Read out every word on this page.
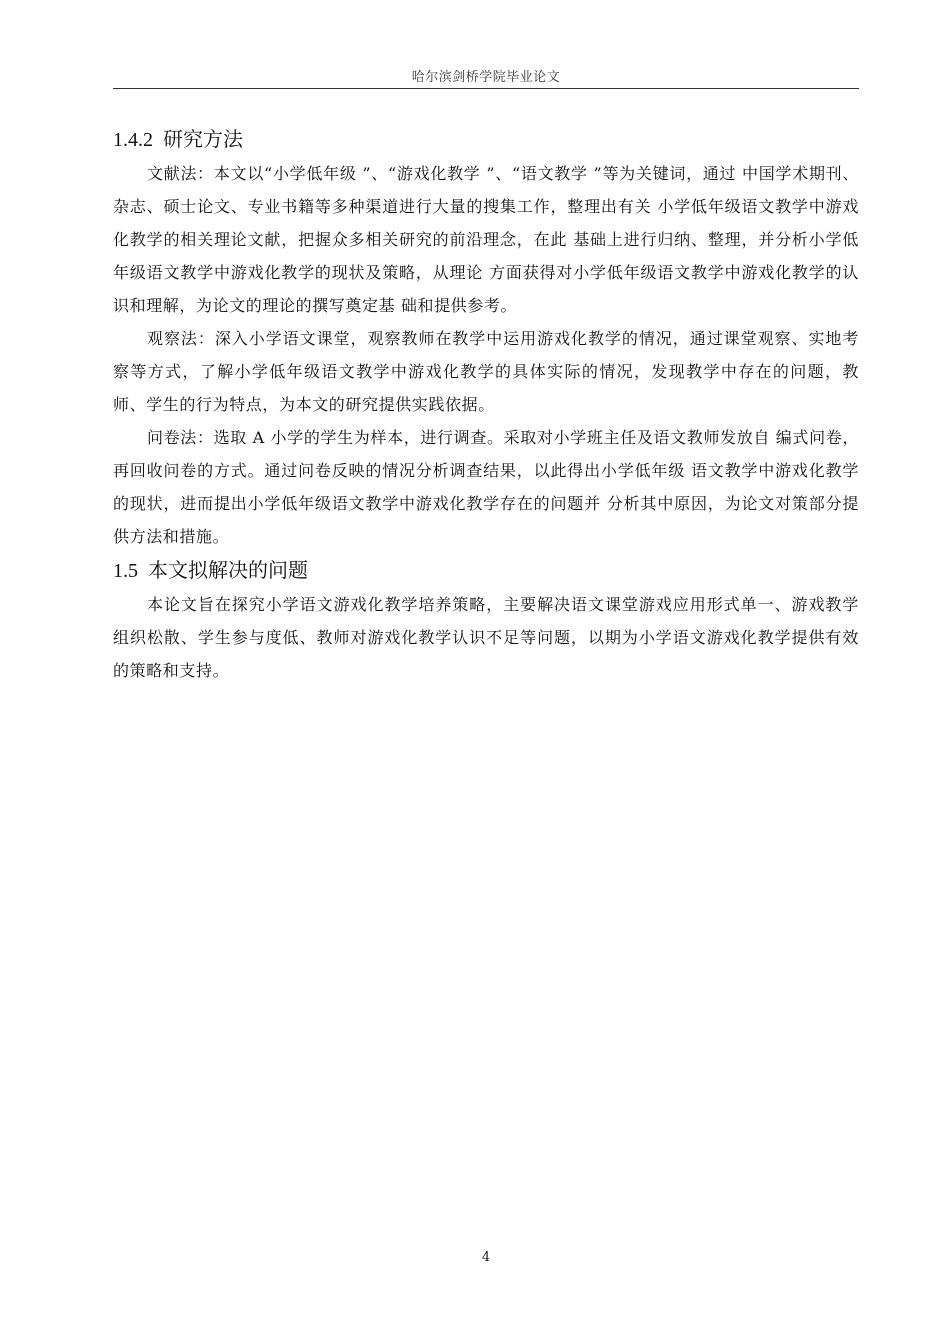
哈尔滨剑桥学院毕业论文
1.4.2 研究方法

文献法：本文以“小学低年级 ”、“游戏化教学 ”、“语文教学 ”等为关键词，通过 中国学术期刊、杂志、硕士论文、专业书籍等多种渠道进行大量的搜集工作，整理出有关 小学低年级语文教学中游戏化教学的相关理论文献，把握众多相关研究的前沿理念，在此 基础上进行归纳、整理，并分析小学低年级语文教学中游戏化教学的现状及策略，从理论 方面获得对小学低年级语文教学中游戏化教学的认识和理解，为论文的理论的撰写奠定基 础和提供参考。

观察法：深入小学语文课堂，观察教师在教学中运用游戏化教学的情况，通过课堂观察、实地考察等方式，了解小学低年级语文教学中游戏化教学的具体实际的情况，发现教学中存在的问题，教师、学生的行为特点，为本文的研究提供实践依据。

问卷法：选取 A 小学的学生为样本，进行调查。采取对小学班主任及语文教师发放自 编式问卷，再回收问卷的方式。通过问卷反映的情况分析调查结果，以此得出小学低年级 语文教学中游戏化教学的现状，进而提出小学低年级语文教学中游戏化教学存在的问题并 分析其中原因，为论文对策部分提供方法和措施。

1.5 本文拟解决的问题

本论文旨在探究小学语文游戏化教学培养策略，主要解决语文课堂游戏应用形式单一、游戏教学组织松散、学生参与度低、教师对游戏化教学认识不足等问题，以期为小学语文游戏化教学提供有效的策略和支持。

4
